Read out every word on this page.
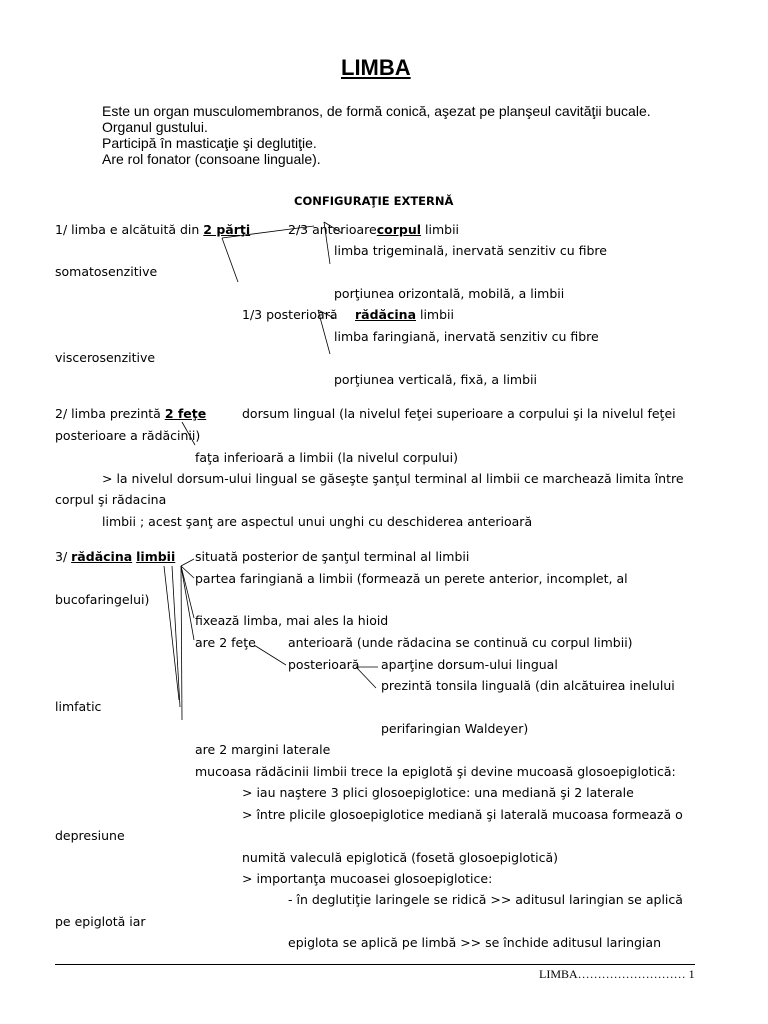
LIMBA
Este un organ musculomembranos, de formă conică, aşezat pe planşeul cavităţii bucale.
Organul gustului.
Participă în masticaţie şi deglutiţie.
Are rol fonator (consoane linguale).
CONFIGURAŢIE EXTERNĂ
1/ limba e alcătuită din 2 părţi	2/3 anterioarecorpul limbii
limba trigeminală, inervată senzitiv cu fibre
somatosenzitive
porţiunea orizontală, mobilă, a limbii
1/3 posterioară rădăcina limbii
limba faringiană, inervată senzitiv cu fibre
viscerosenzitive
porţiunea verticală, fixă, a limbii
2/ limba prezintă 2 feţe	dorsum lingual (la nivelul feţei superioare a corpului şi la nivelul feţei
posterioare a rădăcinii)
faţa inferioară a limbii (la nivelul corpului)
> la nivelul dorsum-ului lingual se găseşte şanţul terminal al limbii ce marchează limita între
corpul şi rădacina
limbii ; acest şanţ are aspectul unui unghi cu deschiderea anterioară
3/ rădăcina limbii situată posterior de şanţul terminal al limbii
partea faringiană a limbii (formează un perete anterior, incomplet, al
bucofaringelui)
fixează limba, mai ales la hioid
are 2 feţe	anterioară (unde rădacina se continuă cu corpul limbii)
posterioară aparţine dorsum-ului lingual
prezintă tonsila linguală (din alcătuirea inelului
limfatic
perifaringian Waldeyer)
are 2 margini laterale
mucoasa rădăcinii limbii trece la epiglotă şi devine mucoasă glosoepiglotică:
> iau naştere 3 plici glosoepiglotice: una mediană şi 2 laterale
> între plicile glosoepiglotice mediană şi laterală mucoasa formează o
depresiune
numită valeculă epiglotică (fosetă glosoepiglotică)
> importanţa mucoasei glosoepiglotice:
- în deglutiţie laringele se ridică >> aditusul laringian se aplică
pe epiglotă iar
epiglota se aplică pe limbă >> se închide aditusul laringian
LIMBA……………………… 1
